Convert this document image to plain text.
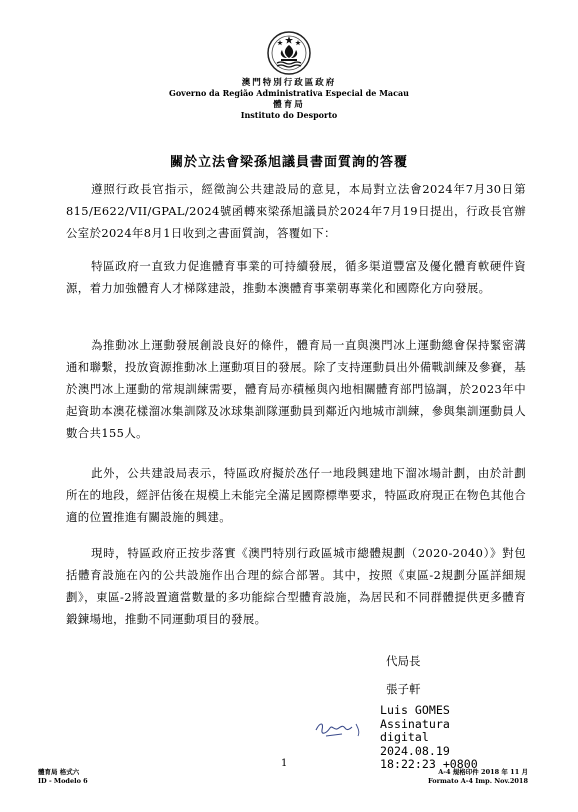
澳門特別行政區政府
Governo da Região Administrativa Especial de Macau
體育局
Instituto do Desporto
關於立法會梁孫旭議員書面質詢的答覆
遵照行政長官指示，經徵詢公共建設局的意見，本局對立法會2024年7月30日第815/E622/VII/GPAL/2024號函轉來梁孫旭議員於2024年7月19日提出，行政長官辦公室於2024年8月1日收到之書面質詢，答覆如下：
特區政府一直致力促進體育事業的可持續發展，循多渠道豐富及優化體育軟硬件資源，着力加強體育人才梯隊建設，推動本澳體育事業朝專業化和國際化方向發展。
為推動冰上運動發展創設良好的條件，體育局一直與澳門冰上運動總會保持緊密溝通和聯繫，投放資源推動冰上運動項目的發展。除了支持運動員出外備戰訓練及參賽，基於澳門冰上運動的常規訓練需要，體育局亦積極與內地相關體育部門協調，於2023年中起資助本澳花樣溜冰集訓隊及冰球集訓隊運動員到鄰近內地城市訓練，參與集訓運動員人數合共155人。
此外，公共建設局表示，特區政府擬於氹仔一地段興建地下溜冰場計劃，由於計劃所在的地段，經評估後在規模上未能完全滿足國際標準要求，特區政府現正在物色其他合適的位置推進有關設施的興建。
現時，特區政府正按步落實《澳門特別行政區城市總體規劃（2020-2040）》對包括體育設施在內的公共設施作出合理的綜合部署。其中，按照《東區-2規劃分區詳細規劃》，東區-2將設置適當數量的多功能綜合型體育設施，為居民和不同群體提供更多體育鍛鍊場地，推動不同運動項目的發展。
代局長
張子軒
Luis GOMES
Assinatura
digital
2024.08.19
18:22:23 +0800
1
體育局 格式六
ID - Modelo 6
A-4 規格印件 2018 年 11 月
Formato A-4 Imp. Nov.2018
